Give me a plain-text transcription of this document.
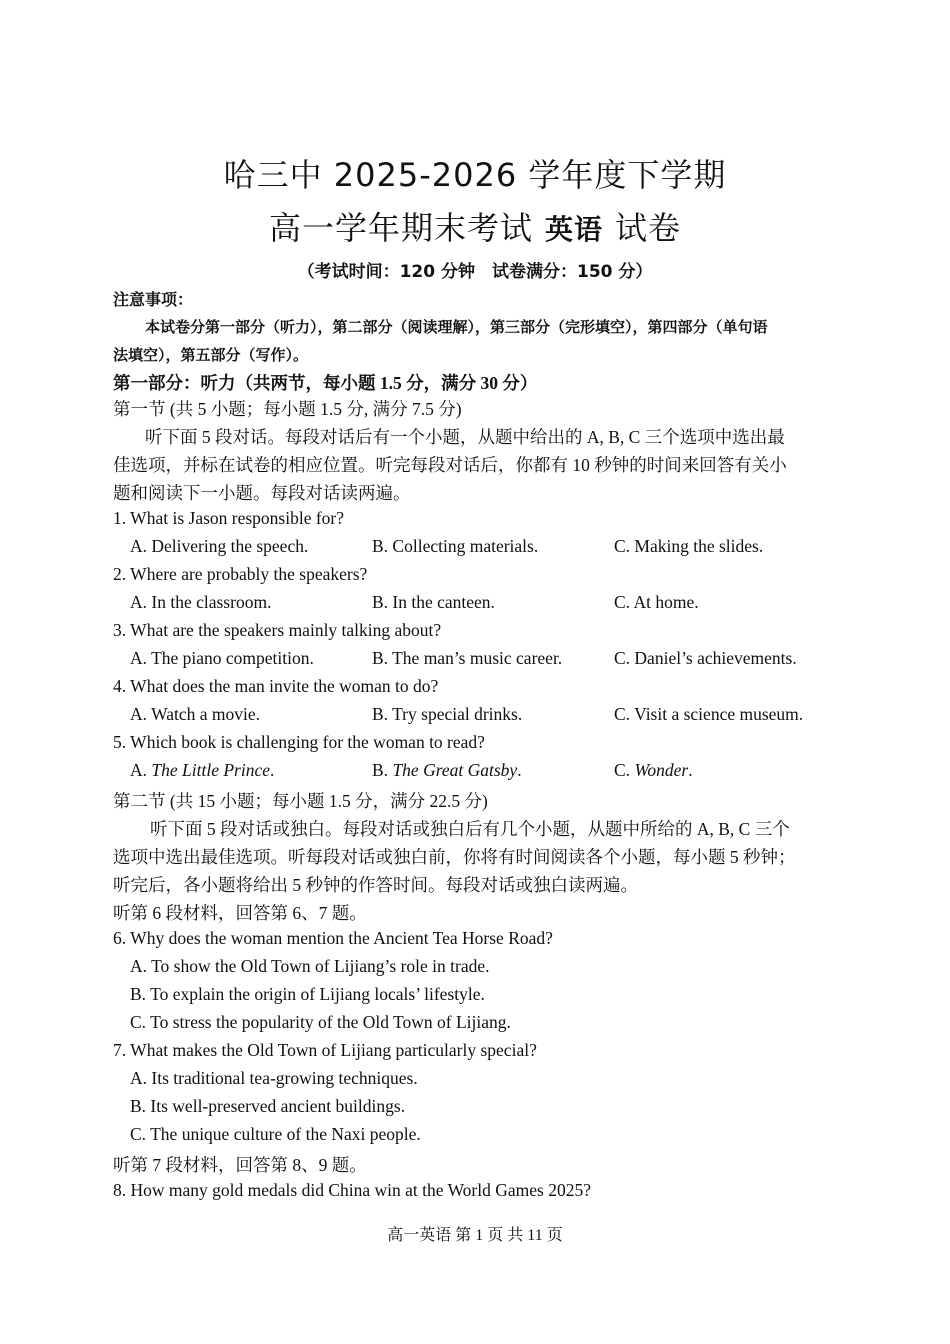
哈三中 2025-2026 学年度下学期
高一学年期末考试 英语 试卷
（考试时间：120 分钟　试卷满分：150 分）
注意事项：
本试卷分第一部分（听力），第二部分（阅读理解），第三部分（完形填空），第四部分（单句语
法填空），第五部分（写作）。
第一部分：听力（共两节，每小题 1.5 分，满分 30 分）
第一节 (共 5 小题；每小题 1.5 分, 满分 7.5 分)
听下面 5 段对话。每段对话后有一个小题，从题中给出的 A, B, C 三个选项中选出最
佳选项，并标在试卷的相应位置。听完每段对话后，你都有 10 秒钟的时间来回答有关小
题和阅读下一小题。每段对话读两遍。
1. What is Jason responsible for?
A. Delivering the speech.	B. Collecting materials.	C. Making the slides.
2. Where are probably the speakers?
A. In the classroom.	B. In the canteen.	C. At home.
3. What are the speakers mainly talking about?
A. The piano competition.	B. The man’s music career.	C. Daniel’s achievements.
4. What does the man invite the woman to do?
A. Watch a movie.	B. Try special drinks.	C. Visit a science museum.
5. Which book is challenging for the woman to read?
A. The Little Prince.	B. The Great Gatsby.	C. Wonder.
第二节 (共 15 小题；每小题 1.5 分，满分 22.5 分)
听下面 5 段对话或独白。每段对话或独白后有几个小题，从题中所给的 A, B, C 三个
选项中选出最佳选项。听每段对话或独白前，你将有时间阅读各个小题，每小题 5 秒钟；
听完后，各小题将给出 5 秒钟的作答时间。每段对话或独白读两遍。
听第 6 段材料，回答第 6、7 题。
6. Why does the woman mention the Ancient Tea Horse Road?
A. To show the Old Town of Lijiang’s role in trade.
B. To explain the origin of Lijiang locals’ lifestyle.
C. To stress the popularity of the Old Town of Lijiang.
7. What makes the Old Town of Lijiang particularly special?
A. Its traditional tea-growing techniques.
B. Its well-preserved ancient buildings.
C. The unique culture of the Naxi people.
听第 7 段材料，回答第 8、9 题。
8. How many gold medals did China win at the World Games 2025?
高一英语 第 1 页 共 11 页
